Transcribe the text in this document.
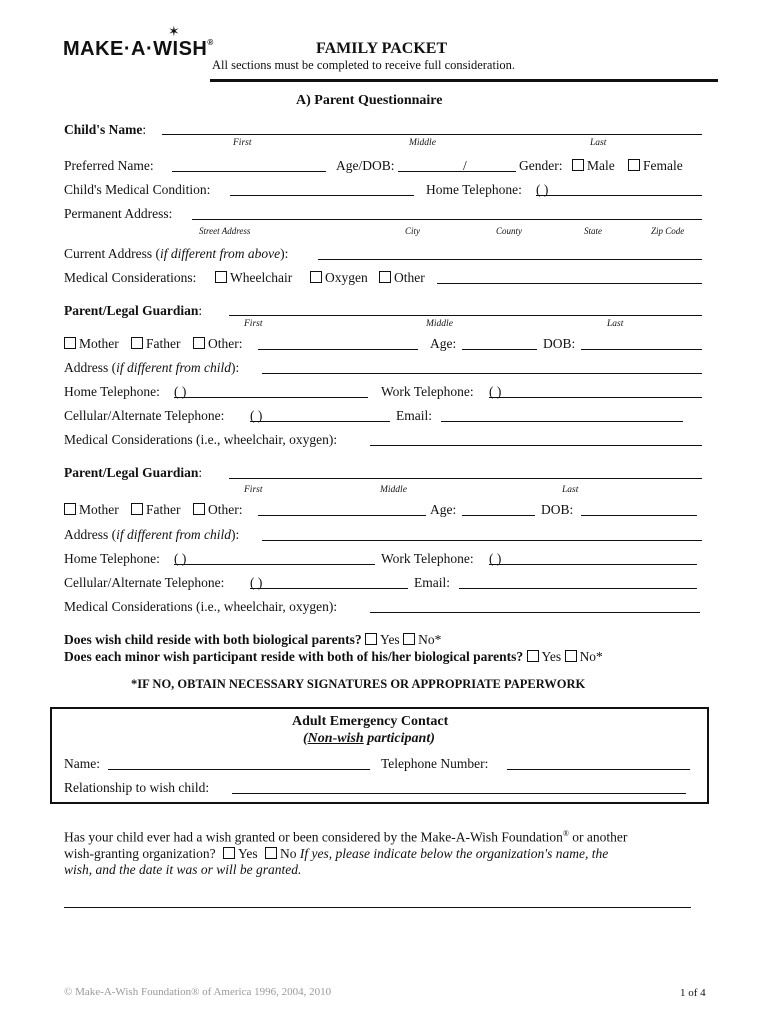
MAKE·A·WISH®
✶
FAMILY PACKET
All sections must be completed to receive full consideration.
A) Parent Questionnaire
Child's Name:
First	Middle	Last
Preferred Name:	Age/DOB:	/	Gender:	Male	Female
Child's Medical Condition:	Home Telephone: ( )
Permanent Address:
Street Address	City	County	State	Zip Code
Current Address (if different from above):
Medical Considerations:	Wheelchair	Oxygen	Other
Parent/Legal Guardian:
First	Middle	Last
Mother	Father	Other:	Age:	DOB:
Address (if different from child):
Home Telephone: ( )	Work Telephone: ( )
Cellular/Alternate Telephone: ( )	Email:
Medical Considerations (i.e., wheelchair, oxygen):
Parent/Legal Guardian:
First	Middle	Last
Mother	Father	Other:	Age:	DOB:
Address (if different from child):
Home Telephone: ( )	Work Telephone: ( )
Cellular/Alternate Telephone: ( )	Email:
Medical Considerations (i.e., wheelchair, oxygen):
Does wish child reside with both biological parents? Yes No*
Does each minor wish participant reside with both of his/her biological parents? Yes No*
*IF NO, OBTAIN NECESSARY SIGNATURES OR APPROPRIATE PAPERWORK
Adult Emergency Contact
(Non-wish participant)
Name:	Telephone Number:
Relationship to wish child:
Has your child ever had a wish granted or been considered by the Make-A-Wish Foundation® or another
wish-granting organization? Yes No If yes, please indicate below the organization's name, the
wish, and the date it was or will be granted.
© Make-A-Wish Foundation® of America 1996, 2004, 2010	1 of 4
